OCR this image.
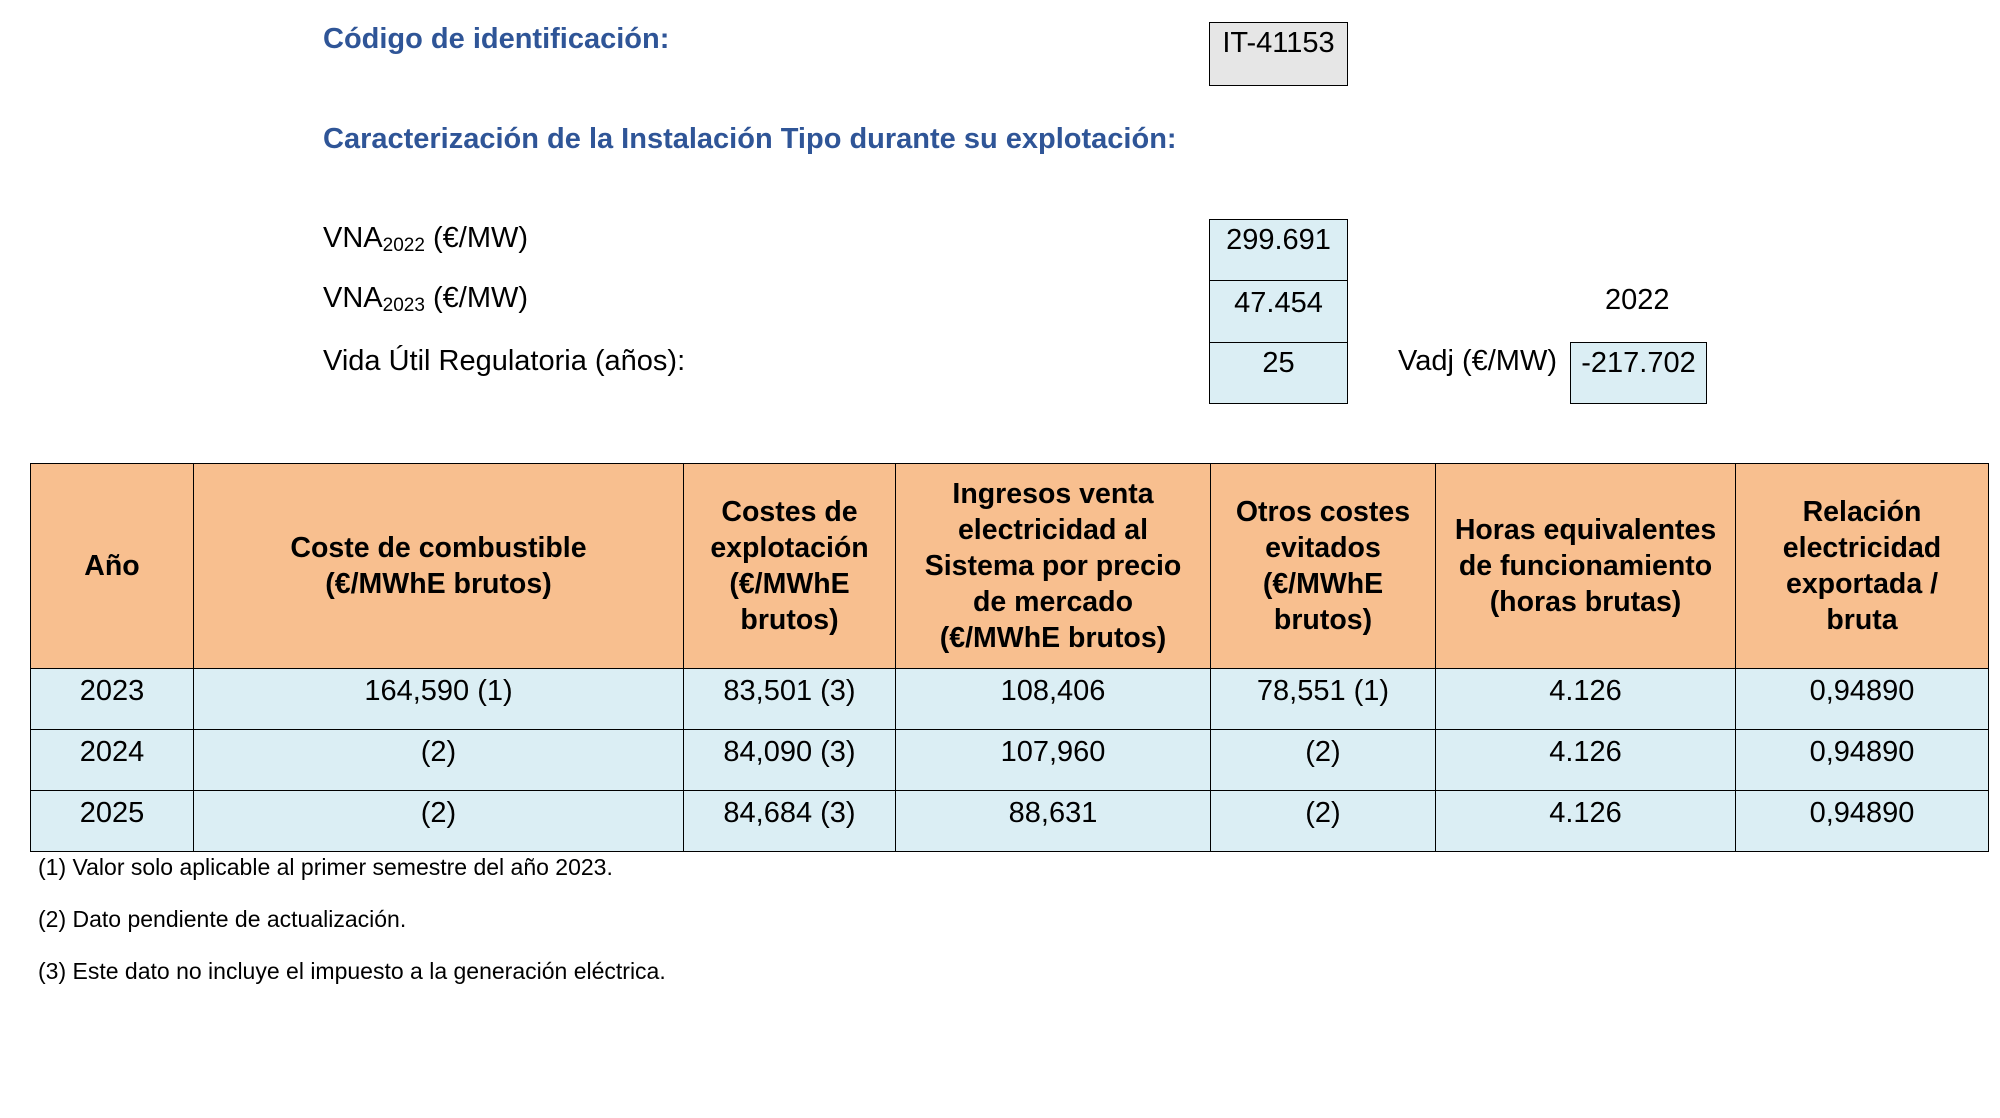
Código de identificación:	IT-41153
Caracterización de la Instalación Tipo durante su explotación:
$VNA_{2022}$ (€/MW)	299.691
$VNA_{2023}$ (€/MW)	47.454	2022
Vida Útil Regulatoria (años):	25	Vadj (€/MW) -217.702
Año	Coste de combustible (€/MWhE brutos)	Costes de explotación (€/MWhE brutos)	Ingresos venta electricidad al Sistema por precio de mercado (€/MWhE brutos)	Otros costes evitados (€/MWhE brutos)	Horas equivalentes de funcionamiento (horas brutas)	Relación electricidad exportada / bruta
2023	164,590 (1)	83,501 (3)	108,406	78,551 (1)	4.126	0,94890
2024	(2)	84,090 (3)	107,960	(2)	4.126	0,94890
2025	(2)	84,684 (3)	88,631	(2)	4.126	0,94890
(1) Valor solo aplicable al primer semestre del año 2023.
(2) Dato pendiente de actualización.
(3) Este dato no incluye el impuesto a la generación eléctrica.
